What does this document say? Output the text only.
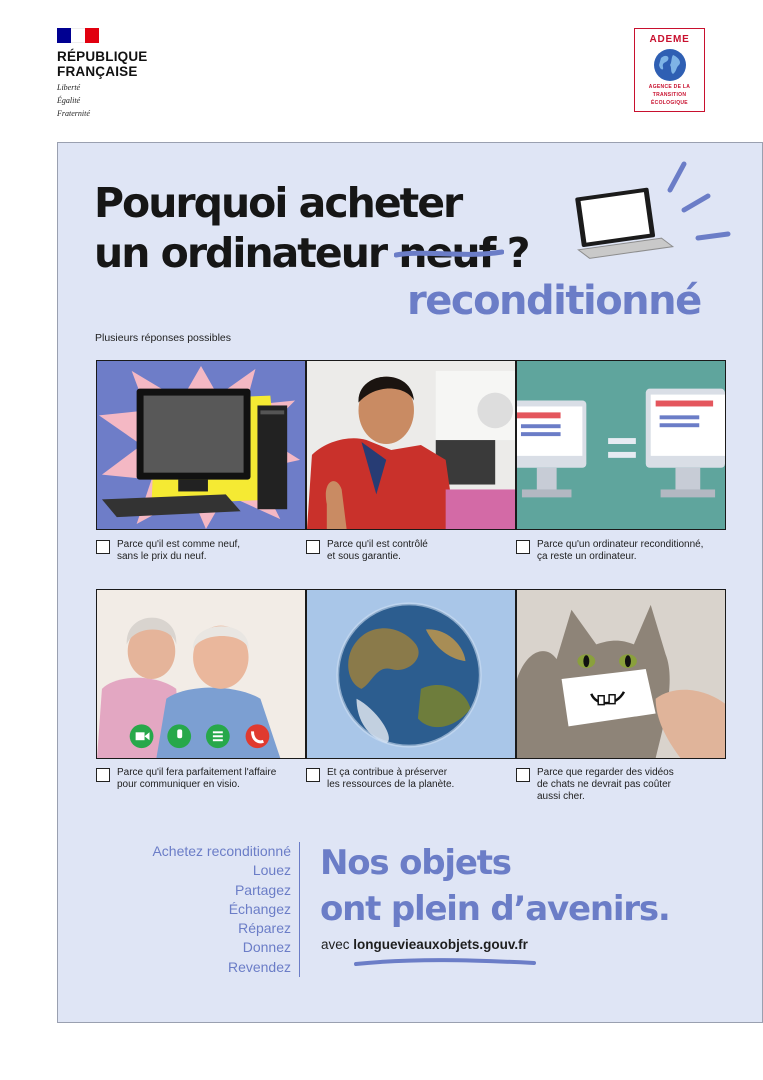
RÉPUBLIQUE
FRANÇAISE
Liberté
Égalité
Fraternité
ADEME
AGENCE DE LA
TRANSITION
ÉCOLOGIQUE
Pourquoi acheter
un ordinateur neuf ?
reconditionné
Plusieurs réponses possibles
Parce qu'il est comme neuf,
sans le prix du neuf.
Parce qu'il est contrôlé
et sous garantie.
Parce qu'un ordinateur reconditionné,
ça reste un ordinateur.
Parce qu'il fera parfaitement l'affaire
pour communiquer en visio.
Et ça contribue à préserver
les ressources de la planète.
Parce que regarder des vidéos
de chats ne devrait pas coûter
aussi cher.
Achetez reconditionné
Louez
Partagez
Échangez
Réparez
Donnez
Revendez
Nos objets
ont plein d’avenirs.
avec longuevieauxobjets.gouv.fr
